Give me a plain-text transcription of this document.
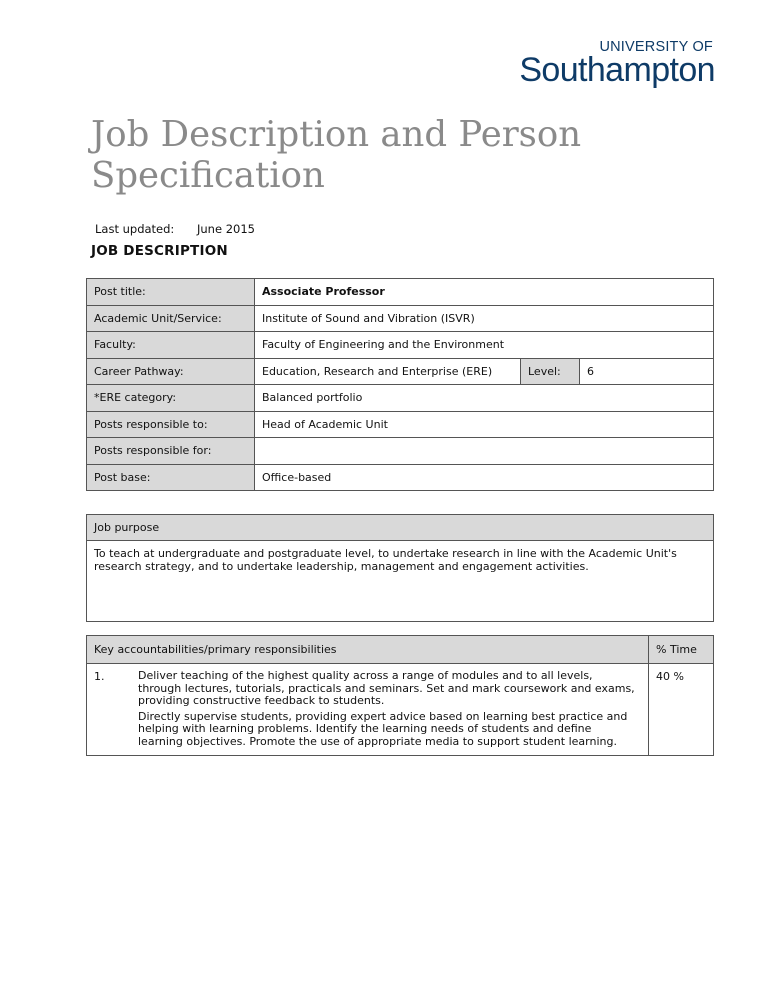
UNIVERSITY OF
Southampton
Job Description and Person Specification
Last updated: June 2015
JOB DESCRIPTION
Post title:	Associate Professor		
Academic Unit/Service:	Institute of Sound and Vibration (ISVR)		
Faculty:	Faculty of Engineering and the Environment		
Career Pathway:	Education, Research and Enterprise (ERE)	Level:	6
*ERE category:	Balanced portfolio		
Posts responsible to:	Head of Academic Unit		
Posts responsible for:			
Post base:	Office-based		
Job purpose
To teach at undergraduate and postgraduate level, to undertake research in line with the Academic Unit's research strategy, and to undertake leadership, management and engagement activities.
Key accountabilities/primary responsibilities		% Time
1.	Deliver teaching of the highest quality across a range of modules and to all levels, through lectures, tutorials, practicals and seminars. Set and mark coursework and exams, providing constructive feedback to students.

Directly supervise students, providing expert advice based on learning best practice and helping with learning problems. Identify the learning needs of students and define learning objectives. Promote the use of appropriate media to support student learning.	40 %
